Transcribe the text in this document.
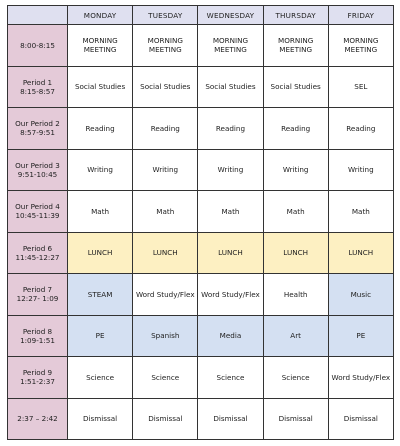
	MONDAY	TUESDAY	WEDNESDAY	THURSDAY	FRIDAY
8:00-8:15	MORNING MEETING	MORNING MEETING	MORNING MEETING	MORNING MEETING	MORNING MEETING
Period 1
8:15-8:57	Social Studies	Social Studies	Social Studies	Social Studies	SEL
Our Period 2
8:57-9:51	Reading	Reading	Reading	Reading	Reading
Our Period 3
9:51-10:45	Writing	Writing	Writing	Writing	Writing
Our Period 4
10:45-11:39	Math	Math	Math	Math	Math
Period 6
11:45-12:27	LUNCH	LUNCH	LUNCH	LUNCH	LUNCH
Period 7
12:27- 1:09	STEAM	Word Study/Flex	Word Study/Flex	Health	Music
Period 8
1:09-1:51	PE	Spanish	Media	Art	PE
Period 9
1:51-2:37	Science	Science	Science	Science	Word Study/Flex
2:37 – 2:42	Dismissal	Dismissal	Dismissal	Dismissal	Dismissal
